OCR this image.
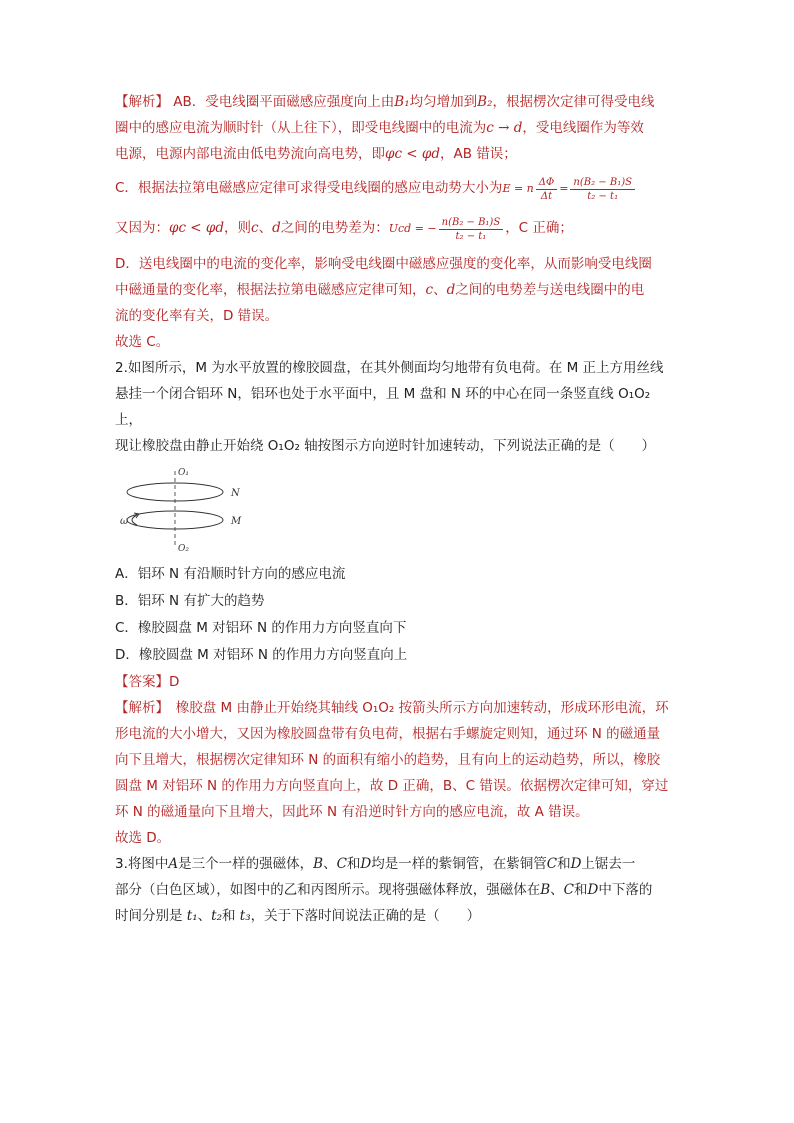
【解析】 AB．受电线圈平面磁感应强度向上由B₁均匀增加到B₂，根据楞次定律可得受电线

圈中的感应电流为顺时针（从上往下），即受电线圈中的电流为c → d，受电线圈作为等效

电源，电源内部电流由低电势流向高电势，即φc < φd，AB 错误；

C．根据法拉第电磁感应定律可求得受电线圈的感应电动势大小为E = n $\frac{\Delta\Phi}{\Delta t} = \frac{\text{n(B₂ − B₁)S}}{\text{t₂ − t₁}}$

又因为：φc < φd，则c、d之间的电势差为：Ucd = − $\frac{\text{n(B₂ − B₁)S}}{\text{t₂ − t₁}}$ ，C 正确；

D．送电线圈中的电流的变化率，影响受电线圈中磁感应强度的变化率，从而影响受电线圈

中磁通量的变化率，根据法拉第电磁感应定律可知，c、d之间的电势差与送电线圈中的电

流的变化率有关，D 错误。

故选 C。

2.如图所示，M 为水平放置的橡胶圆盘，在其外侧面均匀地带有负电荷。在 M 正上方用丝线

悬挂一个闭合铝环 N，铝环也处于水平面中，且 M 盘和 N 环的中心在同一条竖直线 O₁O₂ 上，

现让橡胶盘由静止开始绕 O₁O₂ 轴按图示方向逆时针加速转动，下列说法正确的是（　　）

O₁
O₂
N
M
ω

A．铝环 N 有沿顺时针方向的感应电流

B．铝环 N 有扩大的趋势

C．橡胶圆盘 M 对铝环 N 的作用力方向竖直向下

D．橡胶圆盘 M 对铝环 N 的作用力方向竖直向上

【答案】D

【解析】　橡胶盘 M 由静止开始绕其轴线 O₁O₂ 按箭头所示方向加速转动，形成环形电流，环

形电流的大小增大，又因为橡胶圆盘带有负电荷，根据右手螺旋定则知，通过环 N 的磁通量

向下且增大，根据楞次定律知环 N 的面积有缩小的趋势，且有向上的运动趋势，所以，橡胶

圆盘 M 对铝环 N 的作用力方向竖直向上，故 D 正确，B、C 错误。依据楞次定律可知，穿过

环 N 的磁通量向下且增大，因此环 N 有沿逆时针方向的感应电流，故 A 错误。

故选 D。

3.将图中A是三个一样的强磁体，B、C和D均是一样的紫铜管，在紫铜管C和D上锯去一

部分（白色区域），如图中的乙和丙图所示。现将强磁体释放，强磁体在B、C和D中下落的

时间分别是 t₁、t₂和 t₃，关于下落时间说法正确的是（　　）
